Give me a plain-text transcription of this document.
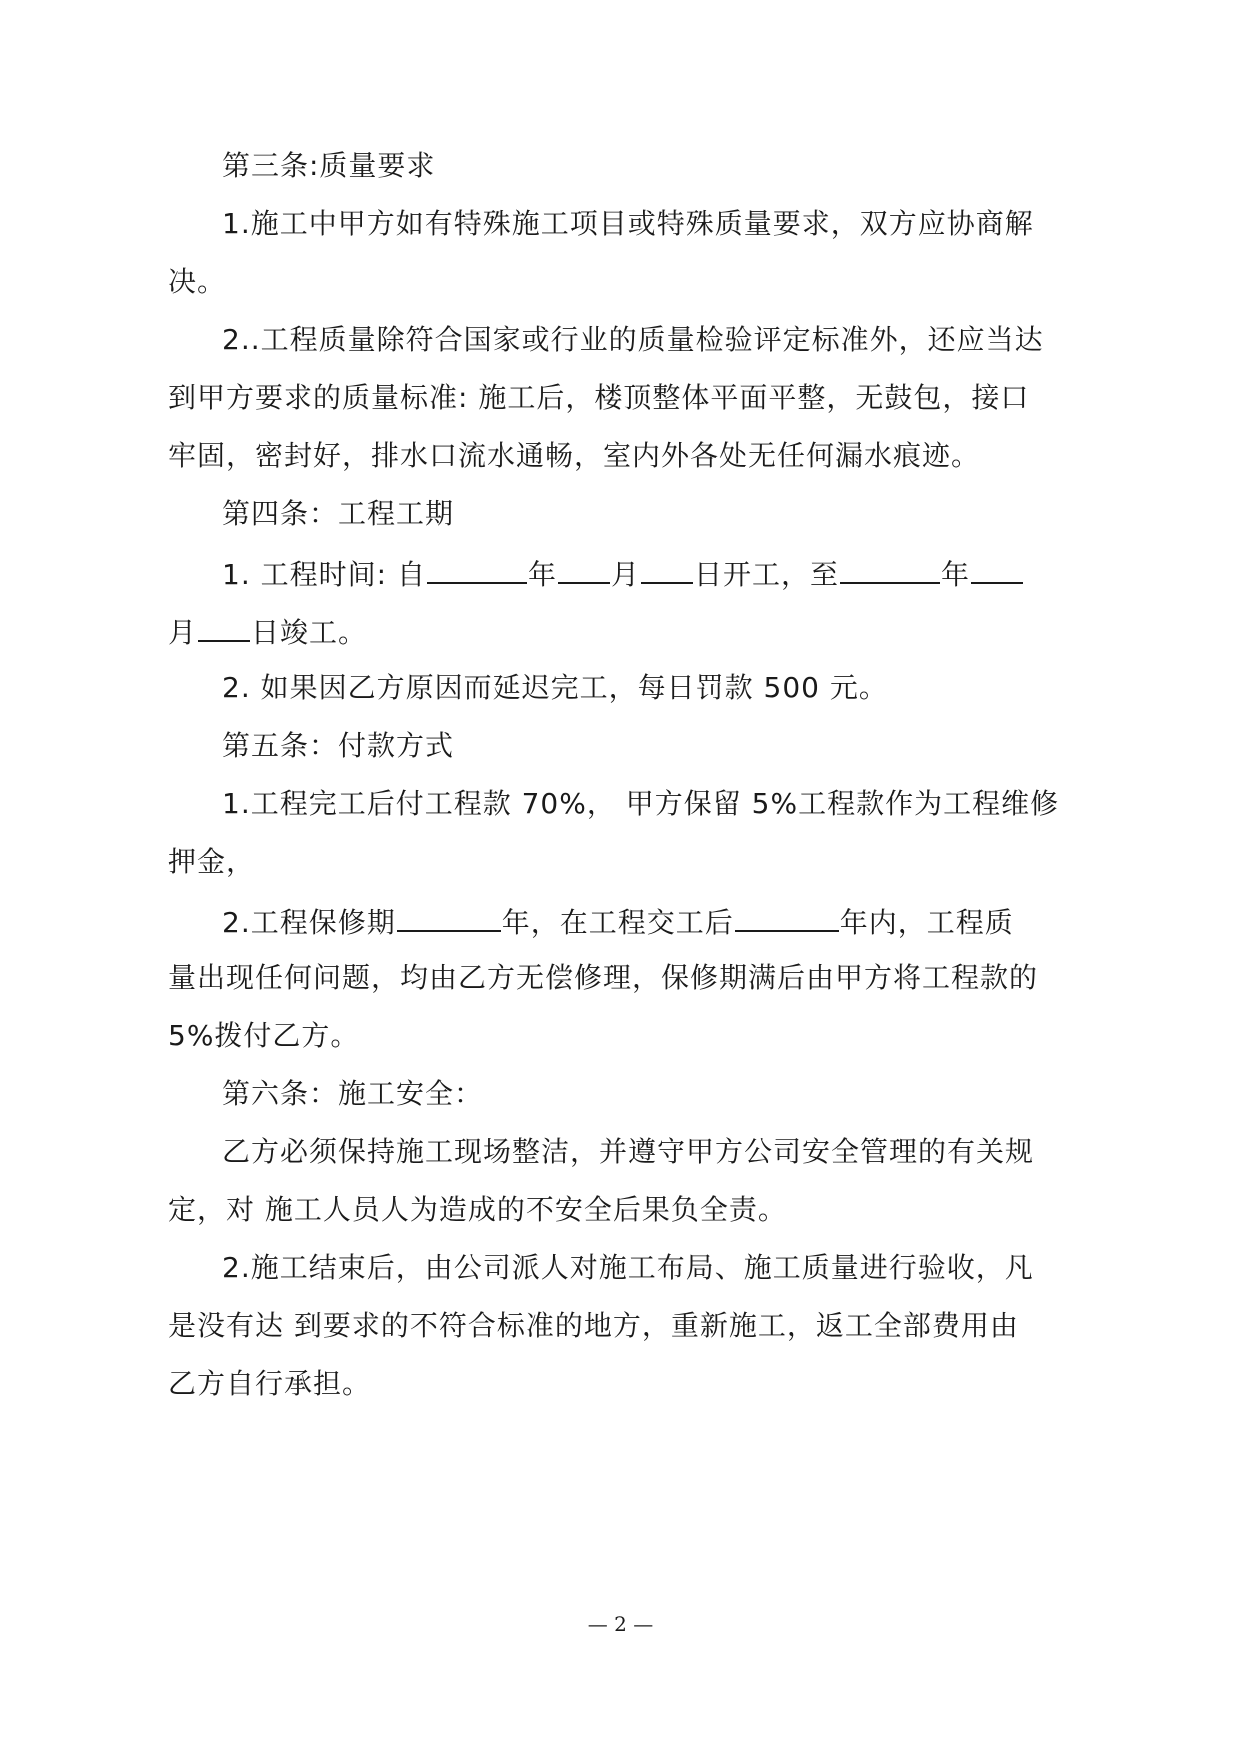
第三条:质量要求
1.施工中甲方如有特殊施工项目或特殊质量要求，双方应协商解
决。
2..工程质量除符合国家或行业的质量检验评定标准外，还应当达
到甲方要求的质量标准: 施工后，楼顶整体平面平整，无鼓包，接口
牢固，密封好，排水口流水通畅，室内外各处无任何漏水痕迹。
第四条：工程工期
1. 工程时间: 自	年 月 日开工，至	年
月 日竣工。
2. 如果因乙方原因而延迟完工，每日罚款 500 元。
第五条：付款方式
1.工程完工后付工程款 70%， 甲方保留 5%工程款作为工程维修
押金，
2.工程保修期	年，在工程交工后	年内，工程质
量出现任何问题，均由乙方无偿修理，保修期满后由甲方将工程款的
5%拨付乙方。
第六条：施工安全：
乙方必须保持施工现场整洁，并遵守甲方公司安全管理的有关规
定，对 施工人员人为造成的不安全后果负全责。
2.施工结束后，由公司派人对施工布局、施工质量进行验收，凡
是没有达 到要求的不符合标准的地方，重新施工，返工全部费用由
乙方自行承担。
— 2 —
